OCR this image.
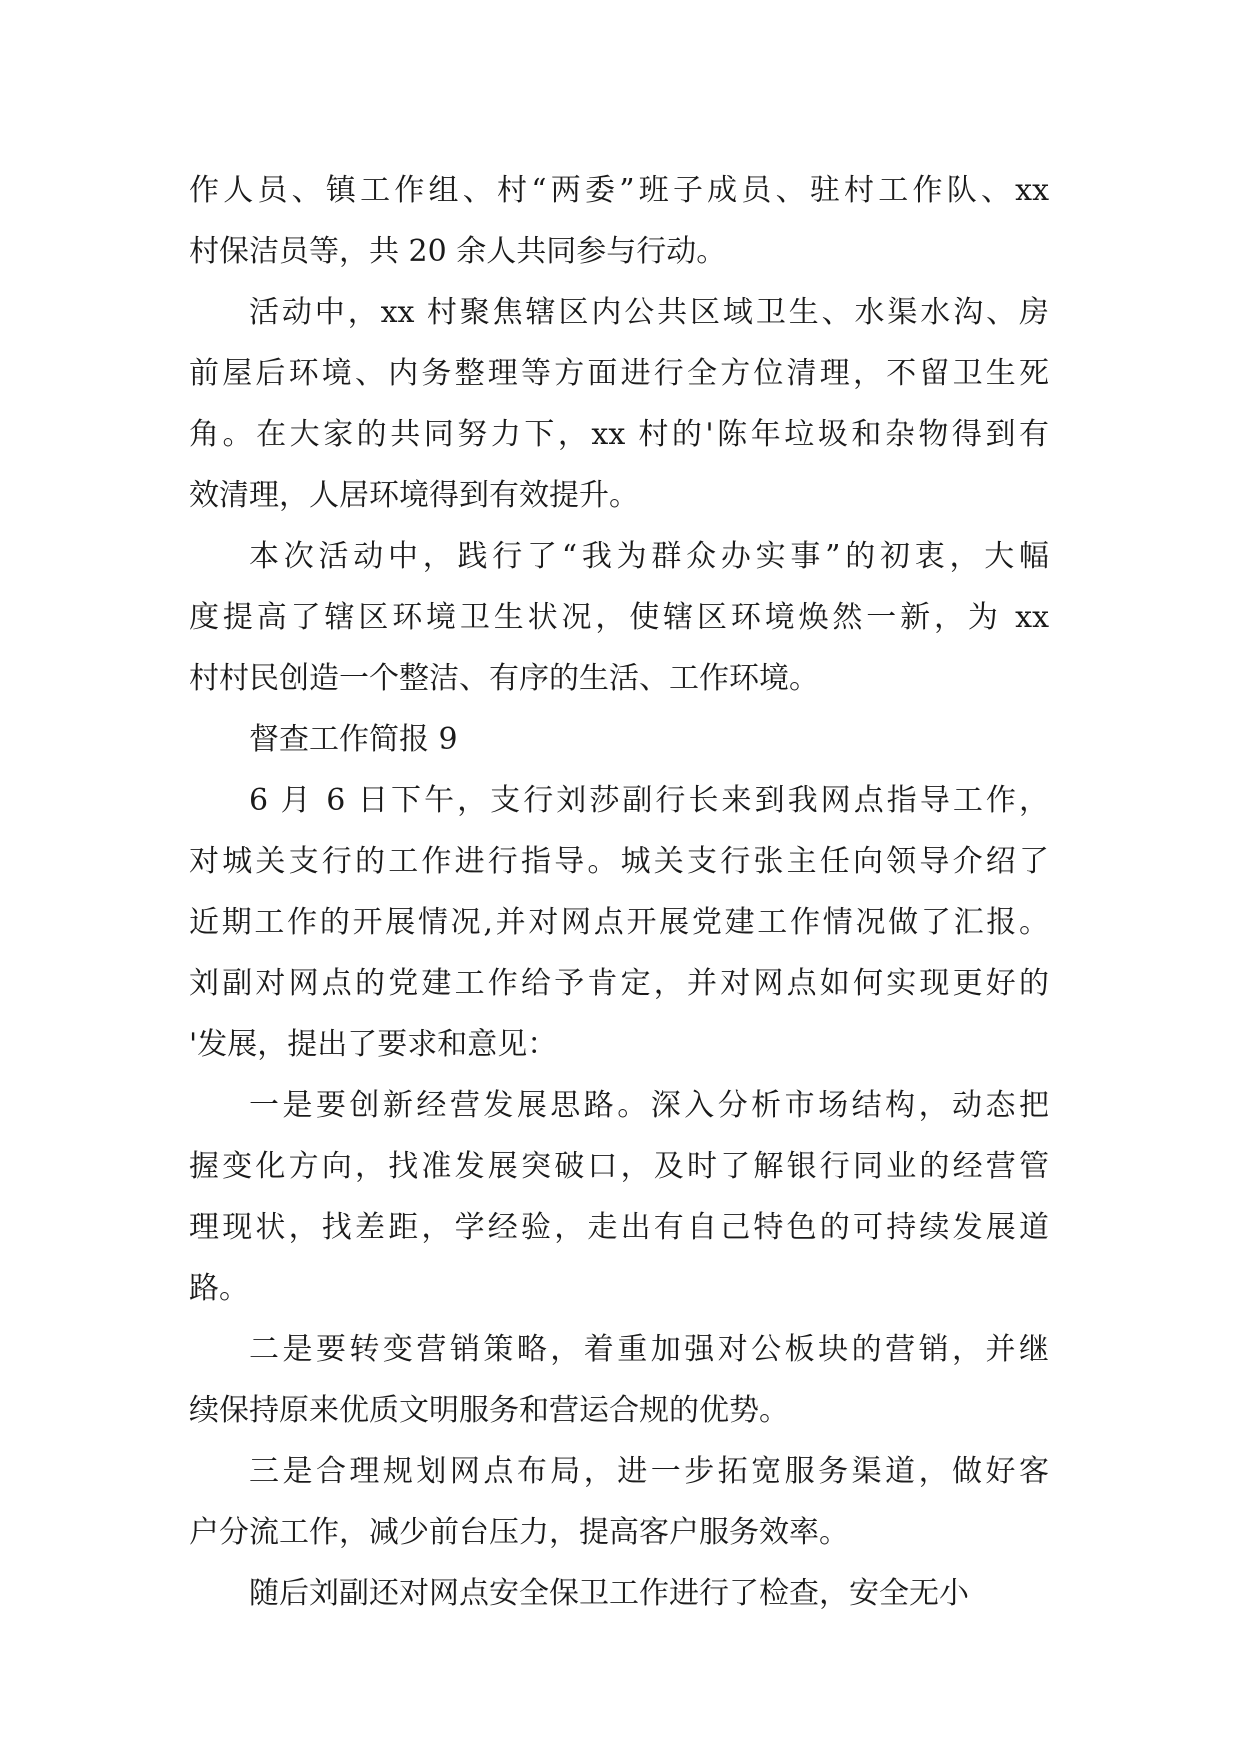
作人员、镇工作组、村“两委”班子成员、驻村工作队、xx
村保洁员等，共 20 余人共同参与行动。
活动中，xx 村聚焦辖区内公共区域卫生、水渠水沟、房
前屋后环境、内务整理等方面进行全方位清理，不留卫生死
角。在大家的共同努力下，xx 村的'陈年垃圾和杂物得到有
效清理，人居环境得到有效提升。
本次活动中，践行了“我为群众办实事”的初衷，大幅
度提高了辖区环境卫生状况，使辖区环境焕然一新，为 xx
村村民创造一个整洁、有序的生活、工作环境。
督查工作简报 9
6 月 6 日下午，支行刘莎副行长来到我网点指导工作，
对城关支行的工作进行指导。城关支行张主任向领导介绍了
近期工作的开展情况,并对网点开展党建工作情况做了汇报。
刘副对网点的党建工作给予肯定，并对网点如何实现更好的
'发展，提出了要求和意见：
一是要创新经营发展思路。深入分析市场结构，动态把
握变化方向，找准发展突破口，及时了解银行同业的经营管
理现状，找差距，学经验，走出有自己特色的可持续发展道
路。
二是要转变营销策略，着重加强对公板块的营销，并继
续保持原来优质文明服务和营运合规的优势。
三是合理规划网点布局，进一步拓宽服务渠道，做好客
户分流工作，减少前台压力，提高客户服务效率。
随后刘副还对网点安全保卫工作进行了检查，安全无小
